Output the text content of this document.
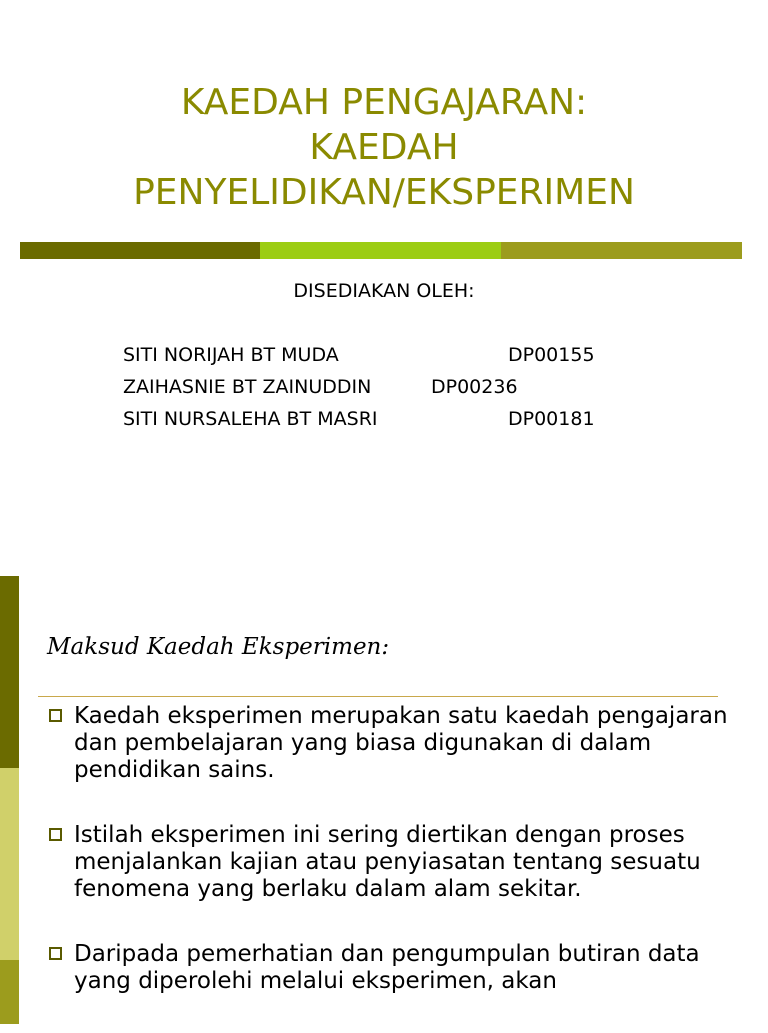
KAEDAH PENGAJARAN:
KAEDAH
PENYELIDIKAN/EKSPERIMEN
DISEDIAKAN OLEH:
SITI NORIJAH BT MUDA	DP00155
ZAIHASNIE BT ZAINUDDIN	DP00236
SITI NURSALEHA BT MASRI	DP00181
Maksud Kaedah Eksperimen:
Kaedah eksperimen merupakan satu kaedah pengajaran dan pembelajaran yang biasa digunakan di dalam pendidikan sains.
Istilah eksperimen ini sering diertikan dengan proses menjalankan kajian atau penyiasatan tentang sesuatu fenomena yang berlaku dalam alam sekitar.
Daripada pemerhatian dan pengumpulan butiran data yang diperolehi melalui eksperimen, akan
